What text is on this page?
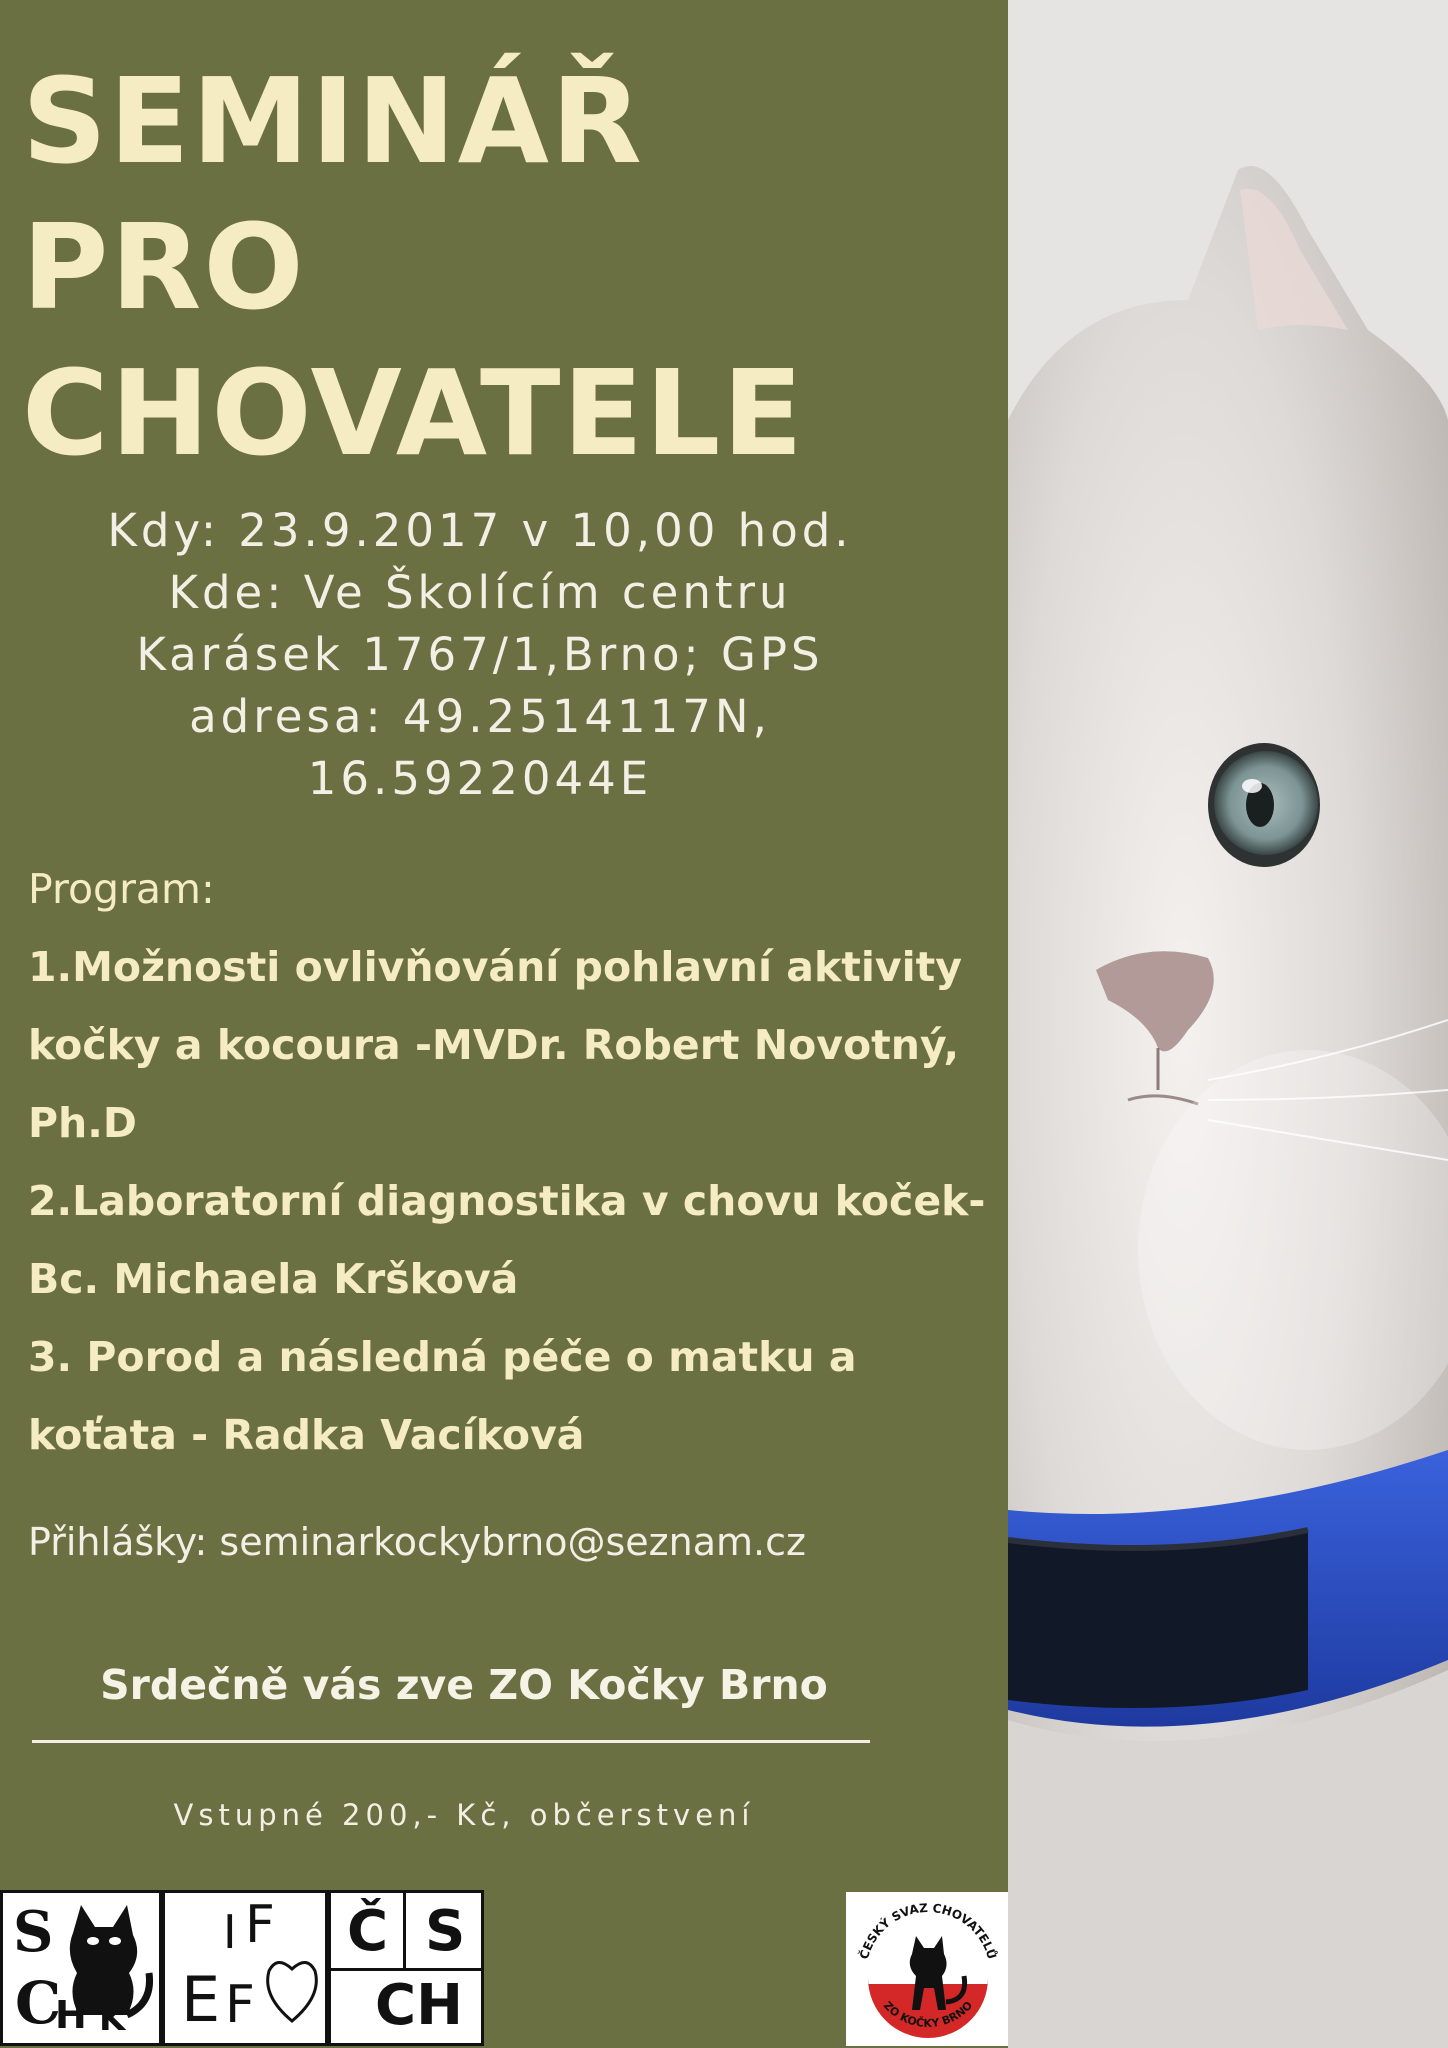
SEMINÁŘ
PRO
CHOVATELE
Kdy: 23.9.2017 v 10,00 hod.
Kde: Ve Školícím centru
Karásek 1767/1,Brno; GPS
adresa: 49.2514117N,
16.5922044E
Program:
1.Možnosti ovlivňování pohlavní aktivity kočky a kocoura -MVDr. Robert Novotný, Ph.D
2.Laboratorní diagnostika v chovu koček- Bc. Michaela Kršková
3. Porod a následná péče o matku a koťata - Radka Vacíková
Přihlášky: seminarkockybrno@seznam.cz
Srdečně vás zve ZO Kočky Brno
Vstupné 200,- Kč, občerstvení
S
C
H K
F
I
F
E
Č S
CH
ČESKÝ SVAZ CHOVATELŮ
ZO KOČKY BRNO
